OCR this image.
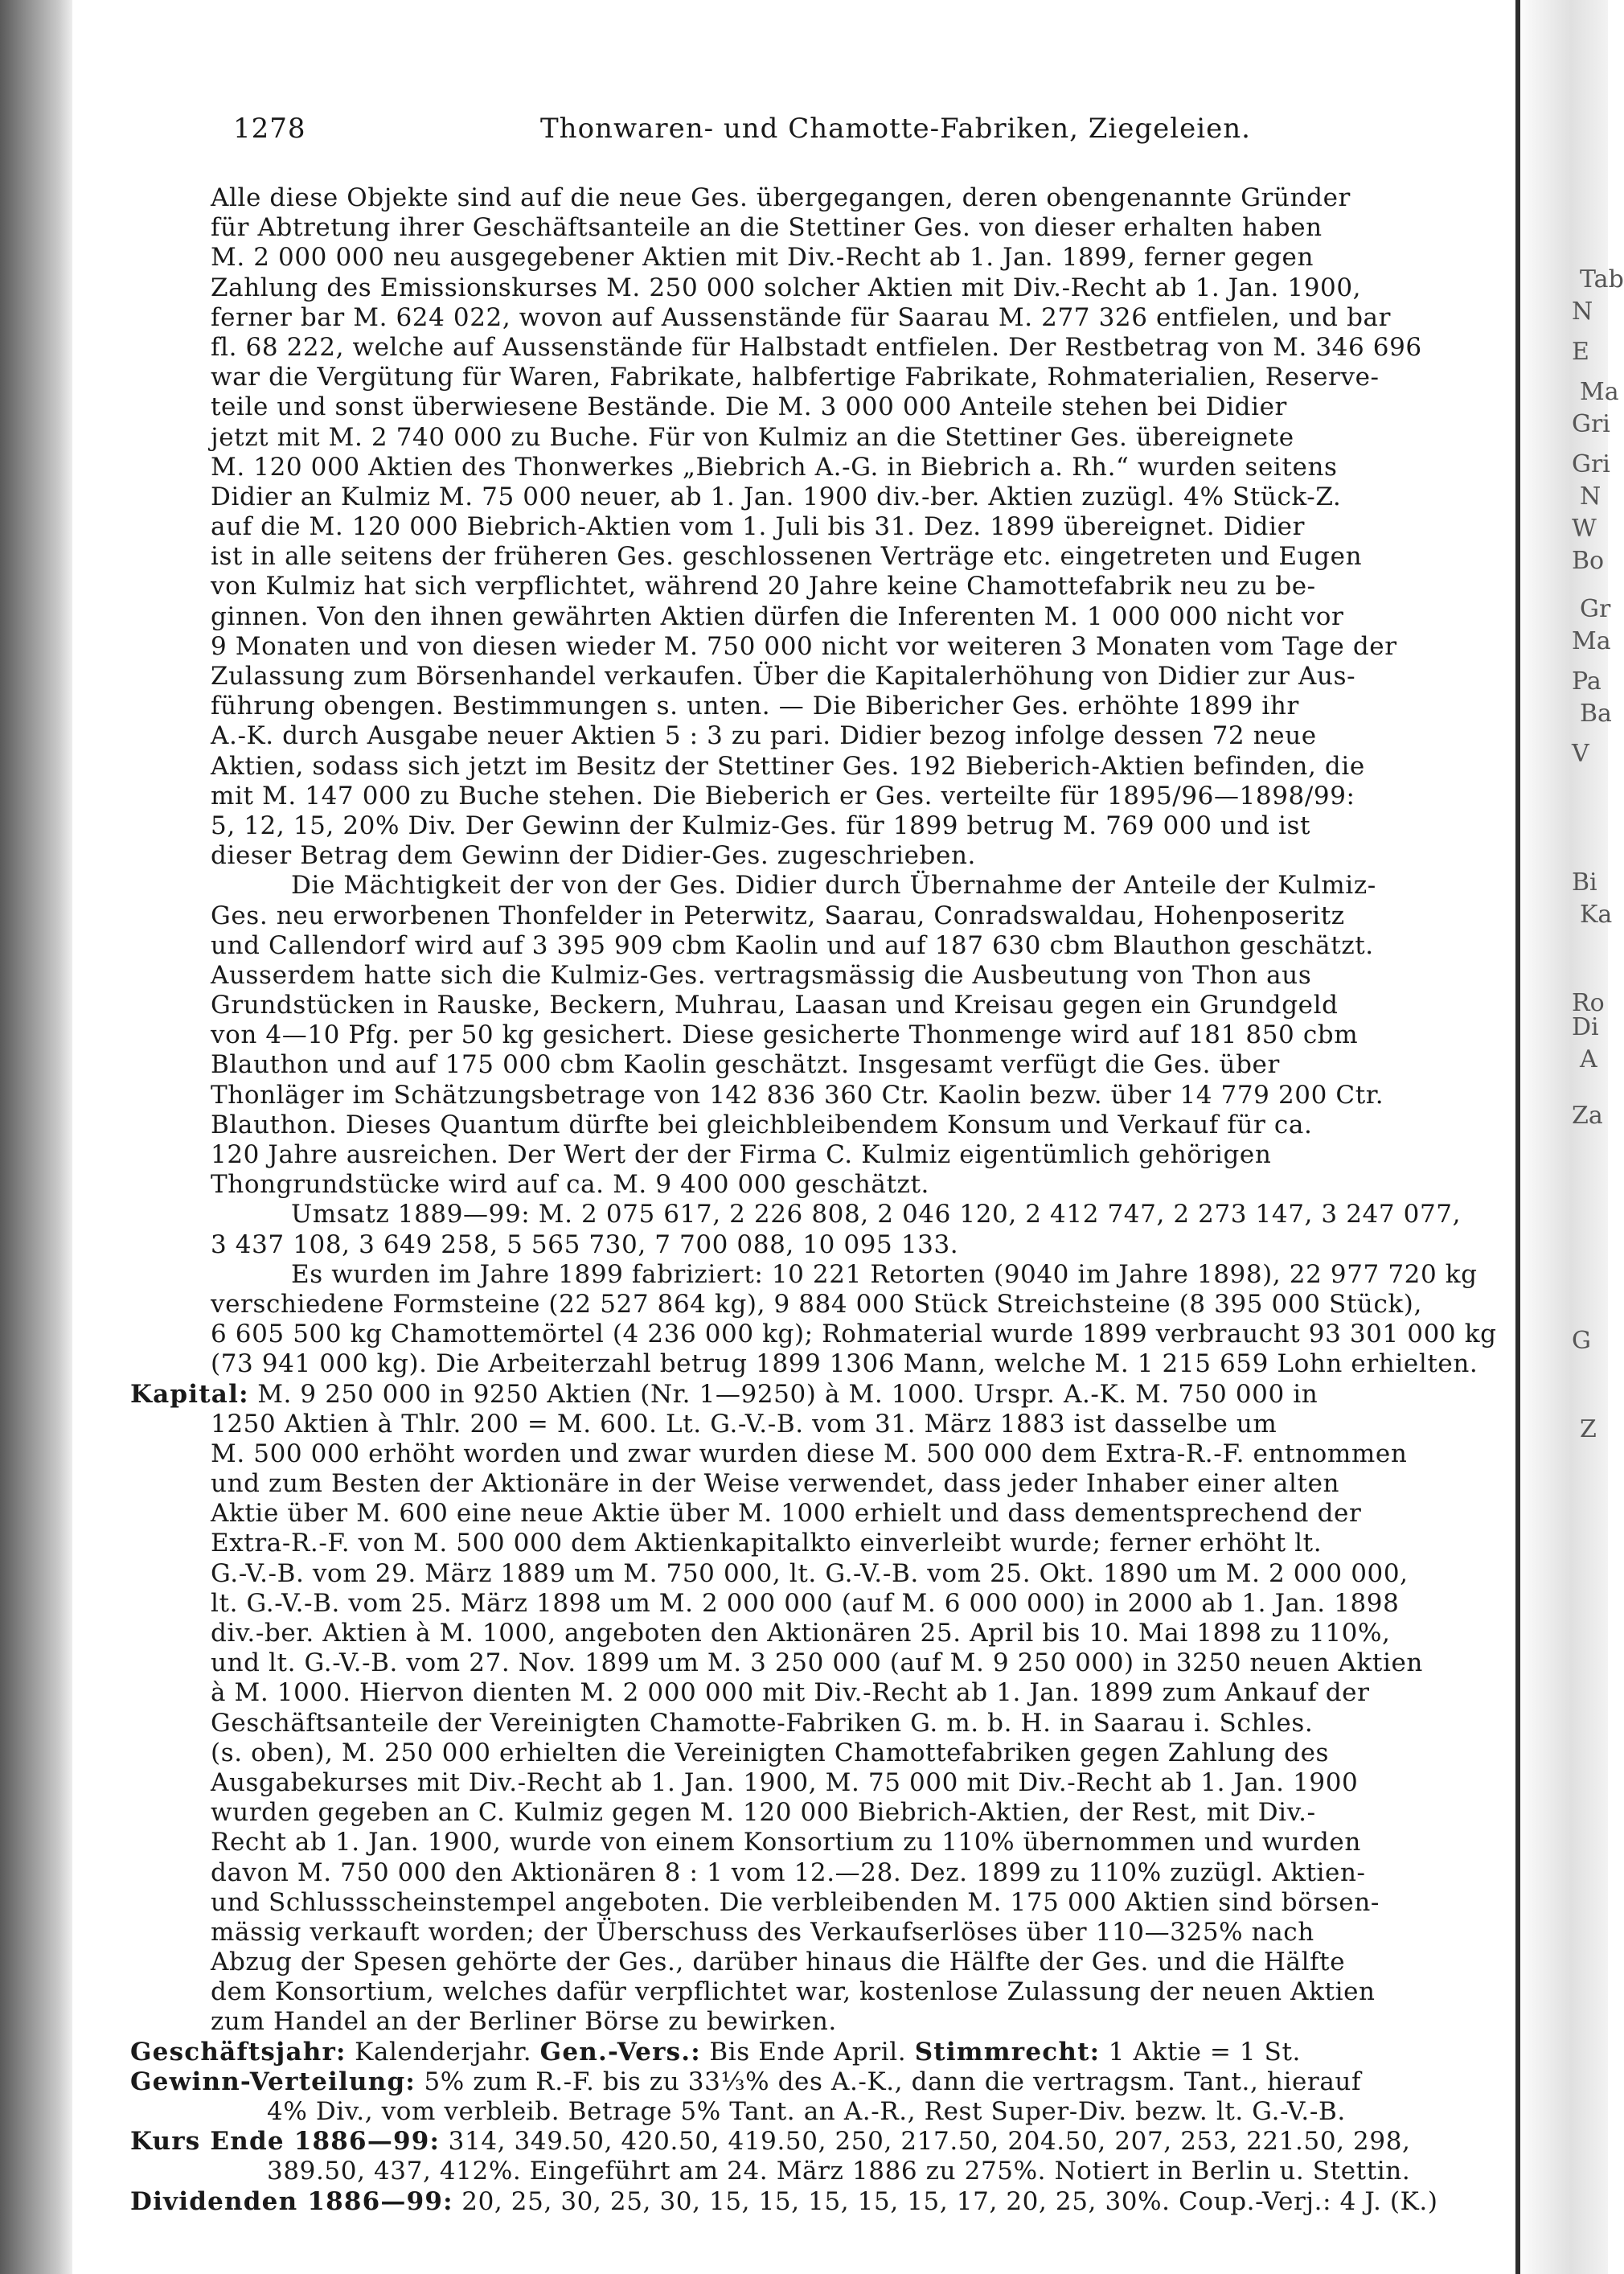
Tab
N
E
Ma
Gri
Gri
N
W
Bo
Gr
Ma
Pa
Ba
V
Bi
Ka
Ro
Di
A
Za
G
Z
1278	Thonwaren- und Chamotte-Fabriken, Ziegeleien.
Alle diese Objekte sind auf die neue Ges. übergegangen, deren obengenannte Gründer
für Abtretung ihrer Geschäftsanteile an die Stettiner Ges. von dieser erhalten haben
M. 2 000 000 neu ausgegebener Aktien mit Div.-Recht ab 1. Jan. 1899, ferner gegen
Zahlung des Emissionskurses M. 250 000 solcher Aktien mit Div.-Recht ab 1. Jan. 1900,
ferner bar M. 624 022, wovon auf Aussenstände für Saarau M. 277 326 entfielen, und bar
fl. 68 222, welche auf Aussenstände für Halbstadt entfielen. Der Restbetrag von M. 346 696
war die Vergütung für Waren, Fabrikate, halbfertige Fabrikate, Rohmaterialien, Reserve-
teile und sonst überwiesene Bestände. Die M. 3 000 000 Anteile stehen bei Didier
jetzt mit M. 2 740 000 zu Buche. Für von Kulmiz an die Stettiner Ges. übereignete
M. 120 000 Aktien des Thonwerkes „Biebrich A.-G. in Biebrich a. Rh.“ wurden seitens
Didier an Kulmiz M. 75 000 neuer, ab 1. Jan. 1900 div.-ber. Aktien zuzügl. 4% Stück-Z.
auf die M. 120 000 Biebrich-Aktien vom 1. Juli bis 31. Dez. 1899 übereignet. Didier
ist in alle seitens der früheren Ges. geschlossenen Verträge etc. eingetreten und Eugen
von Kulmiz hat sich verpflichtet, während 20 Jahre keine Chamottefabrik neu zu be-
ginnen. Von den ihnen gewährten Aktien dürfen die Inferenten M. 1 000 000 nicht vor
9 Monaten und von diesen wieder M. 750 000 nicht vor weiteren 3 Monaten vom Tage der
Zulassung zum Börsenhandel verkaufen. Über die Kapitalerhöhung von Didier zur Aus-
führung obengen. Bestimmungen s. unten. — Die Bibericher Ges. erhöhte 1899 ihr
A.-K. durch Ausgabe neuer Aktien 5 : 3 zu pari. Didier bezog infolge dessen 72 neue
Aktien, sodass sich jetzt im Besitz der Stettiner Ges. 192 Bieberich-Aktien befinden, die
mit M. 147 000 zu Buche stehen. Die Bieberich er Ges. verteilte für 1895/96—1898/99:
5, 12, 15, 20% Div. Der Gewinn der Kulmiz-Ges. für 1899 betrug M. 769 000 und ist
dieser Betrag dem Gewinn der Didier-Ges. zugeschrieben.
Die Mächtigkeit der von der Ges. Didier durch Übernahme der Anteile der Kulmiz-
Ges. neu erworbenen Thonfelder in Peterwitz, Saarau, Conradswaldau, Hohenposeritz
und Callendorf wird auf 3 395 909 cbm Kaolin und auf 187 630 cbm Blauthon geschätzt.
Ausserdem hatte sich die Kulmiz-Ges. vertragsmässig die Ausbeutung von Thon aus
Grundstücken in Rauske, Beckern, Muhrau, Laasan und Kreisau gegen ein Grundgeld
von 4—10 Pfg. per 50 kg gesichert. Diese gesicherte Thonmenge wird auf 181 850 cbm
Blauthon und auf 175 000 cbm Kaolin geschätzt. Insgesamt verfügt die Ges. über
Thonläger im Schätzungsbetrage von 142 836 360 Ctr. Kaolin bezw. über 14 779 200 Ctr.
Blauthon. Dieses Quantum dürfte bei gleichbleibendem Konsum und Verkauf für ca.
120 Jahre ausreichen. Der Wert der der Firma C. Kulmiz eigentümlich gehörigen
Thongrundstücke wird auf ca. M. 9 400 000 geschätzt.
Umsatz 1889—99: M. 2 075 617, 2 226 808, 2 046 120, 2 412 747, 2 273 147, 3 247 077,
3 437 108, 3 649 258, 5 565 730, 7 700 088, 10 095 133.
Es wurden im Jahre 1899 fabriziert: 10 221 Retorten (9040 im Jahre 1898), 22 977 720 kg
verschiedene Formsteine (22 527 864 kg), 9 884 000 Stück Streichsteine (8 395 000 Stück),
6 605 500 kg Chamottemörtel (4 236 000 kg); Rohmaterial wurde 1899 verbraucht 93 301 000 kg
(73 941 000 kg). Die Arbeiterzahl betrug 1899 1306 Mann, welche M. 1 215 659 Lohn erhielten.
Kapital: M. 9 250 000 in 9250 Aktien (Nr. 1—9250) à M. 1000. Urspr. A.-K. M. 750 000 in
1250 Aktien à Thlr. 200 = M. 600. Lt. G.-V.-B. vom 31. März 1883 ist dasselbe um
M. 500 000 erhöht worden und zwar wurden diese M. 500 000 dem Extra-R.-F. entnommen
und zum Besten der Aktionäre in der Weise verwendet, dass jeder Inhaber einer alten
Aktie über M. 600 eine neue Aktie über M. 1000 erhielt und dass dementsprechend der
Extra-R.-F. von M. 500 000 dem Aktienkapitalkto einverleibt wurde; ferner erhöht lt.
G.-V.-B. vom 29. März 1889 um M. 750 000, lt. G.-V.-B. vom 25. Okt. 1890 um M. 2 000 000,
lt. G.-V.-B. vom 25. März 1898 um M. 2 000 000 (auf M. 6 000 000) in 2000 ab 1. Jan. 1898
div.-ber. Aktien à M. 1000, angeboten den Aktionären 25. April bis 10. Mai 1898 zu 110%,
und lt. G.-V.-B. vom 27. Nov. 1899 um M. 3 250 000 (auf M. 9 250 000) in 3250 neuen Aktien
à M. 1000. Hiervon dienten M. 2 000 000 mit Div.-Recht ab 1. Jan. 1899 zum Ankauf der
Geschäftsanteile der Vereinigten Chamotte-Fabriken G. m. b. H. in Saarau i. Schles.
(s. oben), M. 250 000 erhielten die Vereinigten Chamottefabriken gegen Zahlung des
Ausgabekurses mit Div.-Recht ab 1. Jan. 1900, M. 75 000 mit Div.-Recht ab 1. Jan. 1900
wurden gegeben an C. Kulmiz gegen M. 120 000 Biebrich-Aktien, der Rest, mit Div.-
Recht ab 1. Jan. 1900, wurde von einem Konsortium zu 110% übernommen und wurden
davon M. 750 000 den Aktionären 8 : 1 vom 12.—28. Dez. 1899 zu 110% zuzügl. Aktien-
und Schlussscheinstempel angeboten. Die verbleibenden M. 175 000 Aktien sind börsen-
mässig verkauft worden; der Überschuss des Verkaufserlöses über 110—325% nach
Abzug der Spesen gehörte der Ges., darüber hinaus die Hälfte der Ges. und die Hälfte
dem Konsortium, welches dafür verpflichtet war, kostenlose Zulassung der neuen Aktien
zum Handel an der Berliner Börse zu bewirken.
Geschäftsjahr: Kalenderjahr. Gen.-Vers.: Bis Ende April. Stimmrecht: 1 Aktie = 1 St.
Gewinn-Verteilung: 5% zum R.-F. bis zu 33⅓% des A.-K., dann die vertragsm. Tant., hierauf
4% Div., vom verbleib. Betrage 5% Tant. an A.-R., Rest Super-Div. bezw. lt. G.-V.-B.
Kurs Ende 1886—99: 314, 349.50, 420.50, 419.50, 250, 217.50, 204.50, 207, 253, 221.50, 298,
389.50, 437, 412%. Eingeführt am 24. März 1886 zu 275%. Notiert in Berlin u. Stettin.
Dividenden 1886—99: 20, 25, 30, 25, 30, 15, 15, 15, 15, 15, 17, 20, 25, 30%. Coup.-Verj.: 4 J. (K.)
